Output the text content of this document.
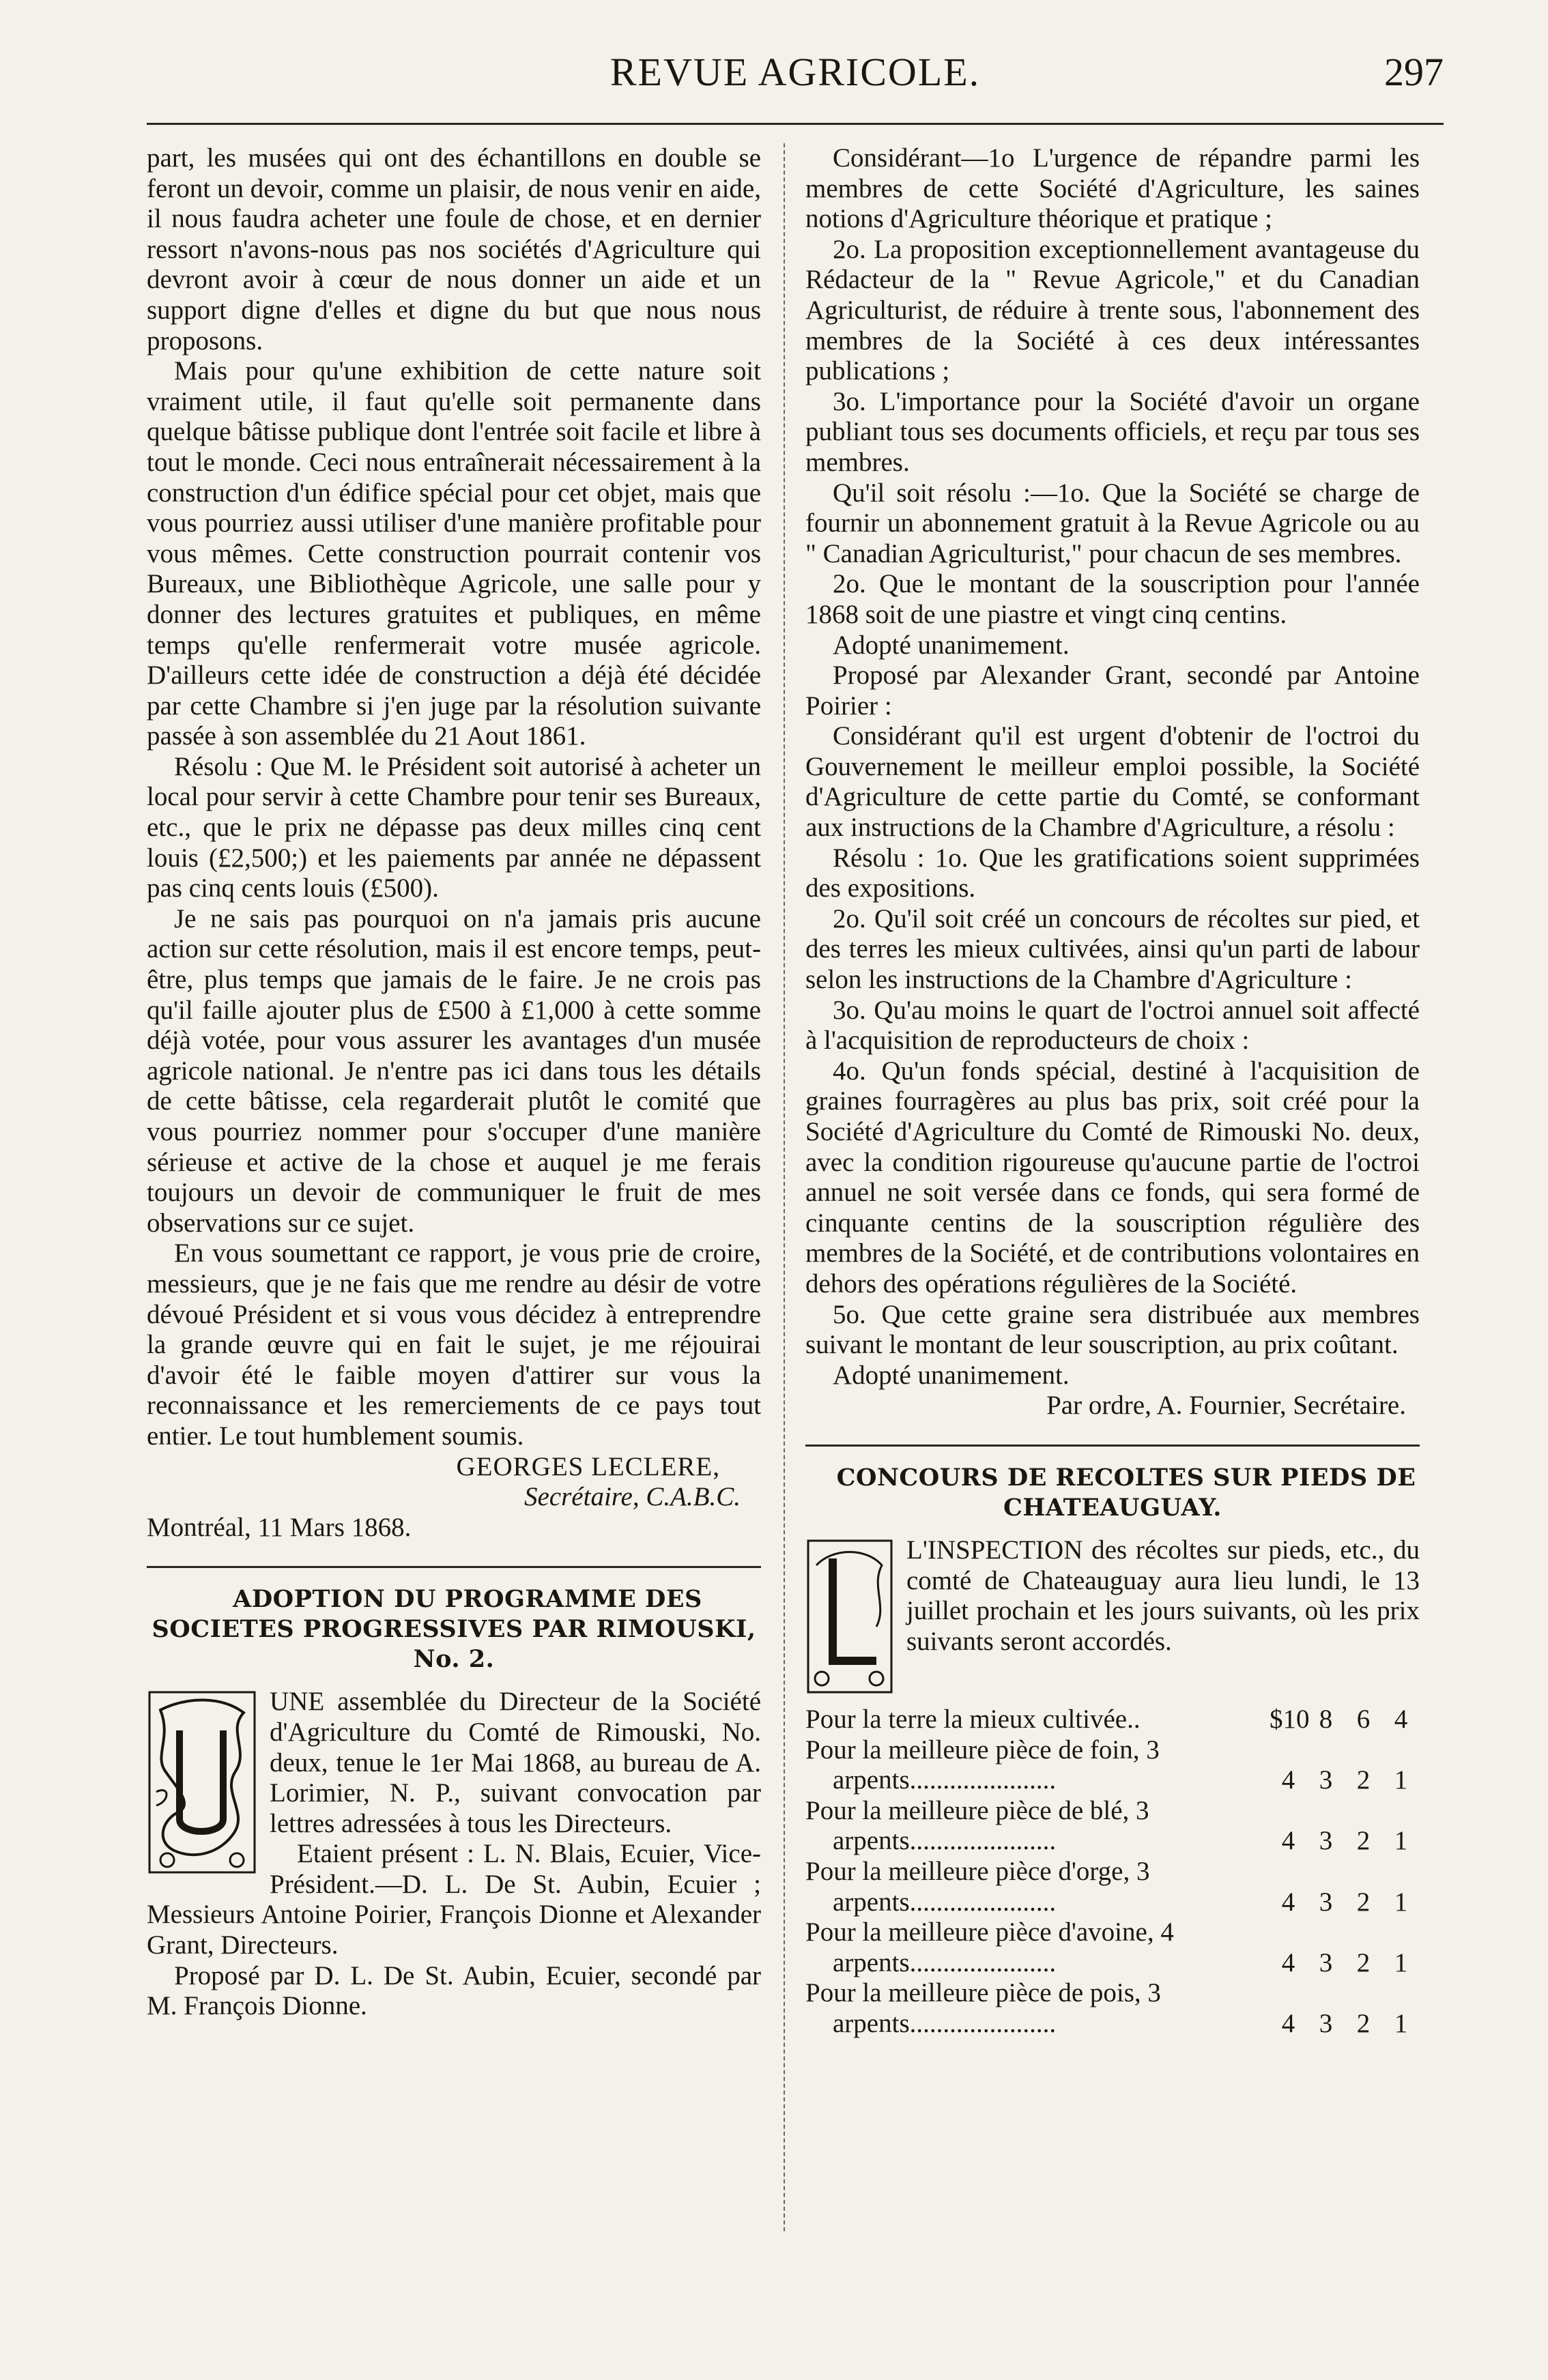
REVUE AGRICOLE.	297

part, les musées qui ont des échantillons en double se feront un devoir, comme un plaisir, de nous venir en aide, il nous faudra acheter une foule de chose, et en dernier ressort n'avons-nous pas nos sociétés d'Agriculture qui devront avoir à cœur de nous donner un aide et un support digne d'elles et digne du but que nous nous proposons.

Mais pour qu'une exhibition de cette nature soit vraiment utile, il faut qu'elle soit permanente dans quelque bâtisse publique dont l'entrée soit facile et libre à tout le monde. Ceci nous entraînerait nécessairement à la construction d'un édifice spécial pour cet objet, mais que vous pourriez aussi utiliser d'une manière profitable pour vous mêmes. Cette construction pourrait contenir vos Bureaux, une Bibliothèque Agricole, une salle pour y donner des lectures gratuites et publiques, en même temps qu'elle renfermerait votre musée agricole. D'ailleurs cette idée de construction a déjà été décidée par cette Chambre si j'en juge par la résolution suivante passée à son assemblée du 21 Aout 1861.

Résolu : Que M. le Président soit autorisé à acheter un local pour servir à cette Chambre pour tenir ses Bureaux, etc., que le prix ne dépasse pas deux milles cinq cent louis (£2,500;) et les paiements par année ne dépassent pas cinq cents louis (£500).

Je ne sais pas pourquoi on n'a jamais pris aucune action sur cette résolution, mais il est encore temps, peut-être, plus temps que jamais de le faire. Je ne crois pas qu'il faille ajouter plus de £500 à £1,000 à cette somme déjà votée, pour vous assurer les avantages d'un musée agricole national. Je n'entre pas ici dans tous les détails de cette bâtisse, cela regarderait plutôt le comité que vous pourriez nommer pour s'occuper d'une manière sérieuse et active de la chose et auquel je me ferais toujours un devoir de communiquer le fruit de mes observations sur ce sujet.

En vous soumettant ce rapport, je vous prie de croire, messieurs, que je ne fais que me rendre au désir de votre dévoué Président et si vous vous décidez à entreprendre la grande œuvre qui en fait le sujet, je me réjouirai d'avoir été le faible moyen d'attirer sur vous la reconnaissance et les remerciements de ce pays tout entier. Le tout humblement soumis.

GEORGES LECLERE,

Secrétaire, C.A.B.C.

Montréal, 11 Mars 1868.

ADOPTION DU PROGRAMME DES SOCIETES PROGRESSIVES PAR RIMOUSKI, No. 2.

UNE assemblée du Directeur de la Société d'Agriculture du Comté de Rimouski, No. deux, tenue le 1er Mai 1868, au bureau de A. Lorimier, N. P., suivant convocation par lettres adressées à tous les Directeurs.

Etaient présent : L. N. Blais, Ecuier, Vice-Président.—D. L. De St. Aubin, Ecuier ; Messieurs Antoine Poirier, François Dionne et Alexander Grant, Directeurs.

Proposé par D. L. De St. Aubin, Ecuier, secondé par M. François Dionne.

Considérant—1o L'urgence de répandre parmi les membres de cette Société d'Agriculture, les saines notions d'Agriculture théorique et pratique ;

2o. La proposition exceptionnellement avantageuse du Rédacteur de la " Revue Agricole," et du Canadian Agriculturist, de réduire à trente sous, l'abonnement des membres de la Société à ces deux intéressantes publications ;

3o. L'importance pour la Société d'avoir un organe publiant tous ses documents officiels, et reçu par tous ses membres.

Qu'il soit résolu :—1o. Que la Société se charge de fournir un abonnement gratuit à la Revue Agricole ou au " Canadian Agriculturist," pour chacun de ses membres.

2o. Que le montant de la souscription pour l'année 1868 soit de une piastre et vingt cinq centins.

Adopté unanimement.

Proposé par Alexander Grant, secondé par Antoine Poirier :

Considérant qu'il est urgent d'obtenir de l'octroi du Gouvernement le meilleur emploi possible, la Société d'Agriculture de cette partie du Comté, se conformant aux instructions de la Chambre d'Agriculture, a résolu :

Résolu : 1o. Que les gratifications soient supprimées des expositions.

2o. Qu'il soit créé un concours de récoltes sur pied, et des terres les mieux cultivées, ainsi qu'un parti de labour selon les instructions de la Chambre d'Agriculture :

3o. Qu'au moins le quart de l'octroi annuel soit affecté à l'acquisition de reproducteurs de choix :

4o. Qu'un fonds spécial, destiné à l'acquisition de graines fourragères au plus bas prix, soit créé pour la Société d'Agriculture du Comté de Rimouski No. deux, avec la condition rigoureuse qu'aucune partie de l'octroi annuel ne soit versée dans ce fonds, qui sera formé de cinquante centins de la souscription régulière des membres de la Société, et de contributions volontaires en dehors des opérations régulières de la Société.

5o. Que cette graine sera distribuée aux membres suivant le montant de leur souscription, au prix coûtant.

Adopté unanimement.

Par ordre, A. Fournier, Secrétaire.

CONCOURS DE RECOLTES SUR PIEDS DE CHATEAUGUAY.

L'INSPECTION des récoltes sur pieds, etc., du comté de Chateauguay aura lieu lundi, le 13 juillet prochain et les jours suivants, où les prix suivants seront accordés.

Pour la terre la mieux cultivée..	$10 8 6 4
Pour la meilleure pièce de foin, 3
arpents......................	4 3 2 1
Pour la meilleure pièce de blé, 3
arpents......................	4 3 2 1
Pour la meilleure pièce d'orge, 3
arpents......................	4 3 2 1
Pour la meilleure pièce d'avoine, 4
arpents......................	4 3 2 1
Pour la meilleure pièce de pois, 3
arpents......................	4 3 2 1
